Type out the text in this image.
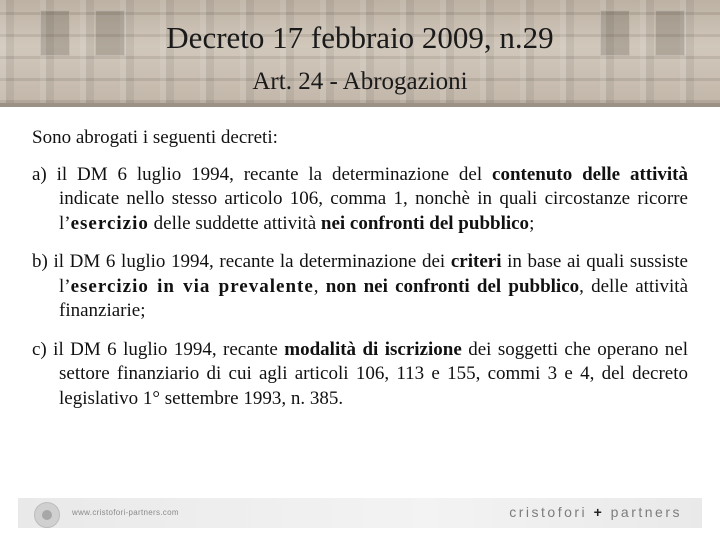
Decreto 17 febbraio 2009, n.29
Art. 24 - Abrogazioni

Sono abrogati i seguenti decreti:

a) il DM 6 luglio 1994, recante la determinazione del contenuto delle attività indicate nello stesso articolo 106, comma 1, nonchè in quali circostanze ricorre l’esercizio delle suddette attività nei confronti del pubblico;

b) il DM 6 luglio 1994, recante la determinazione dei criteri in base ai quali sussiste l’esercizio in via prevalente, non nei confronti del pubblico, delle attività finanziarie;

c) il DM 6 luglio 1994, recante modalità di iscrizione dei soggetti che operano nel settore finanziario di cui agli articoli 106, 113 e 155, commi 3 e 4, del decreto legislativo 1° settembre 1993, n. 385.

www.cristofori-partners.com	cristofori + partners
